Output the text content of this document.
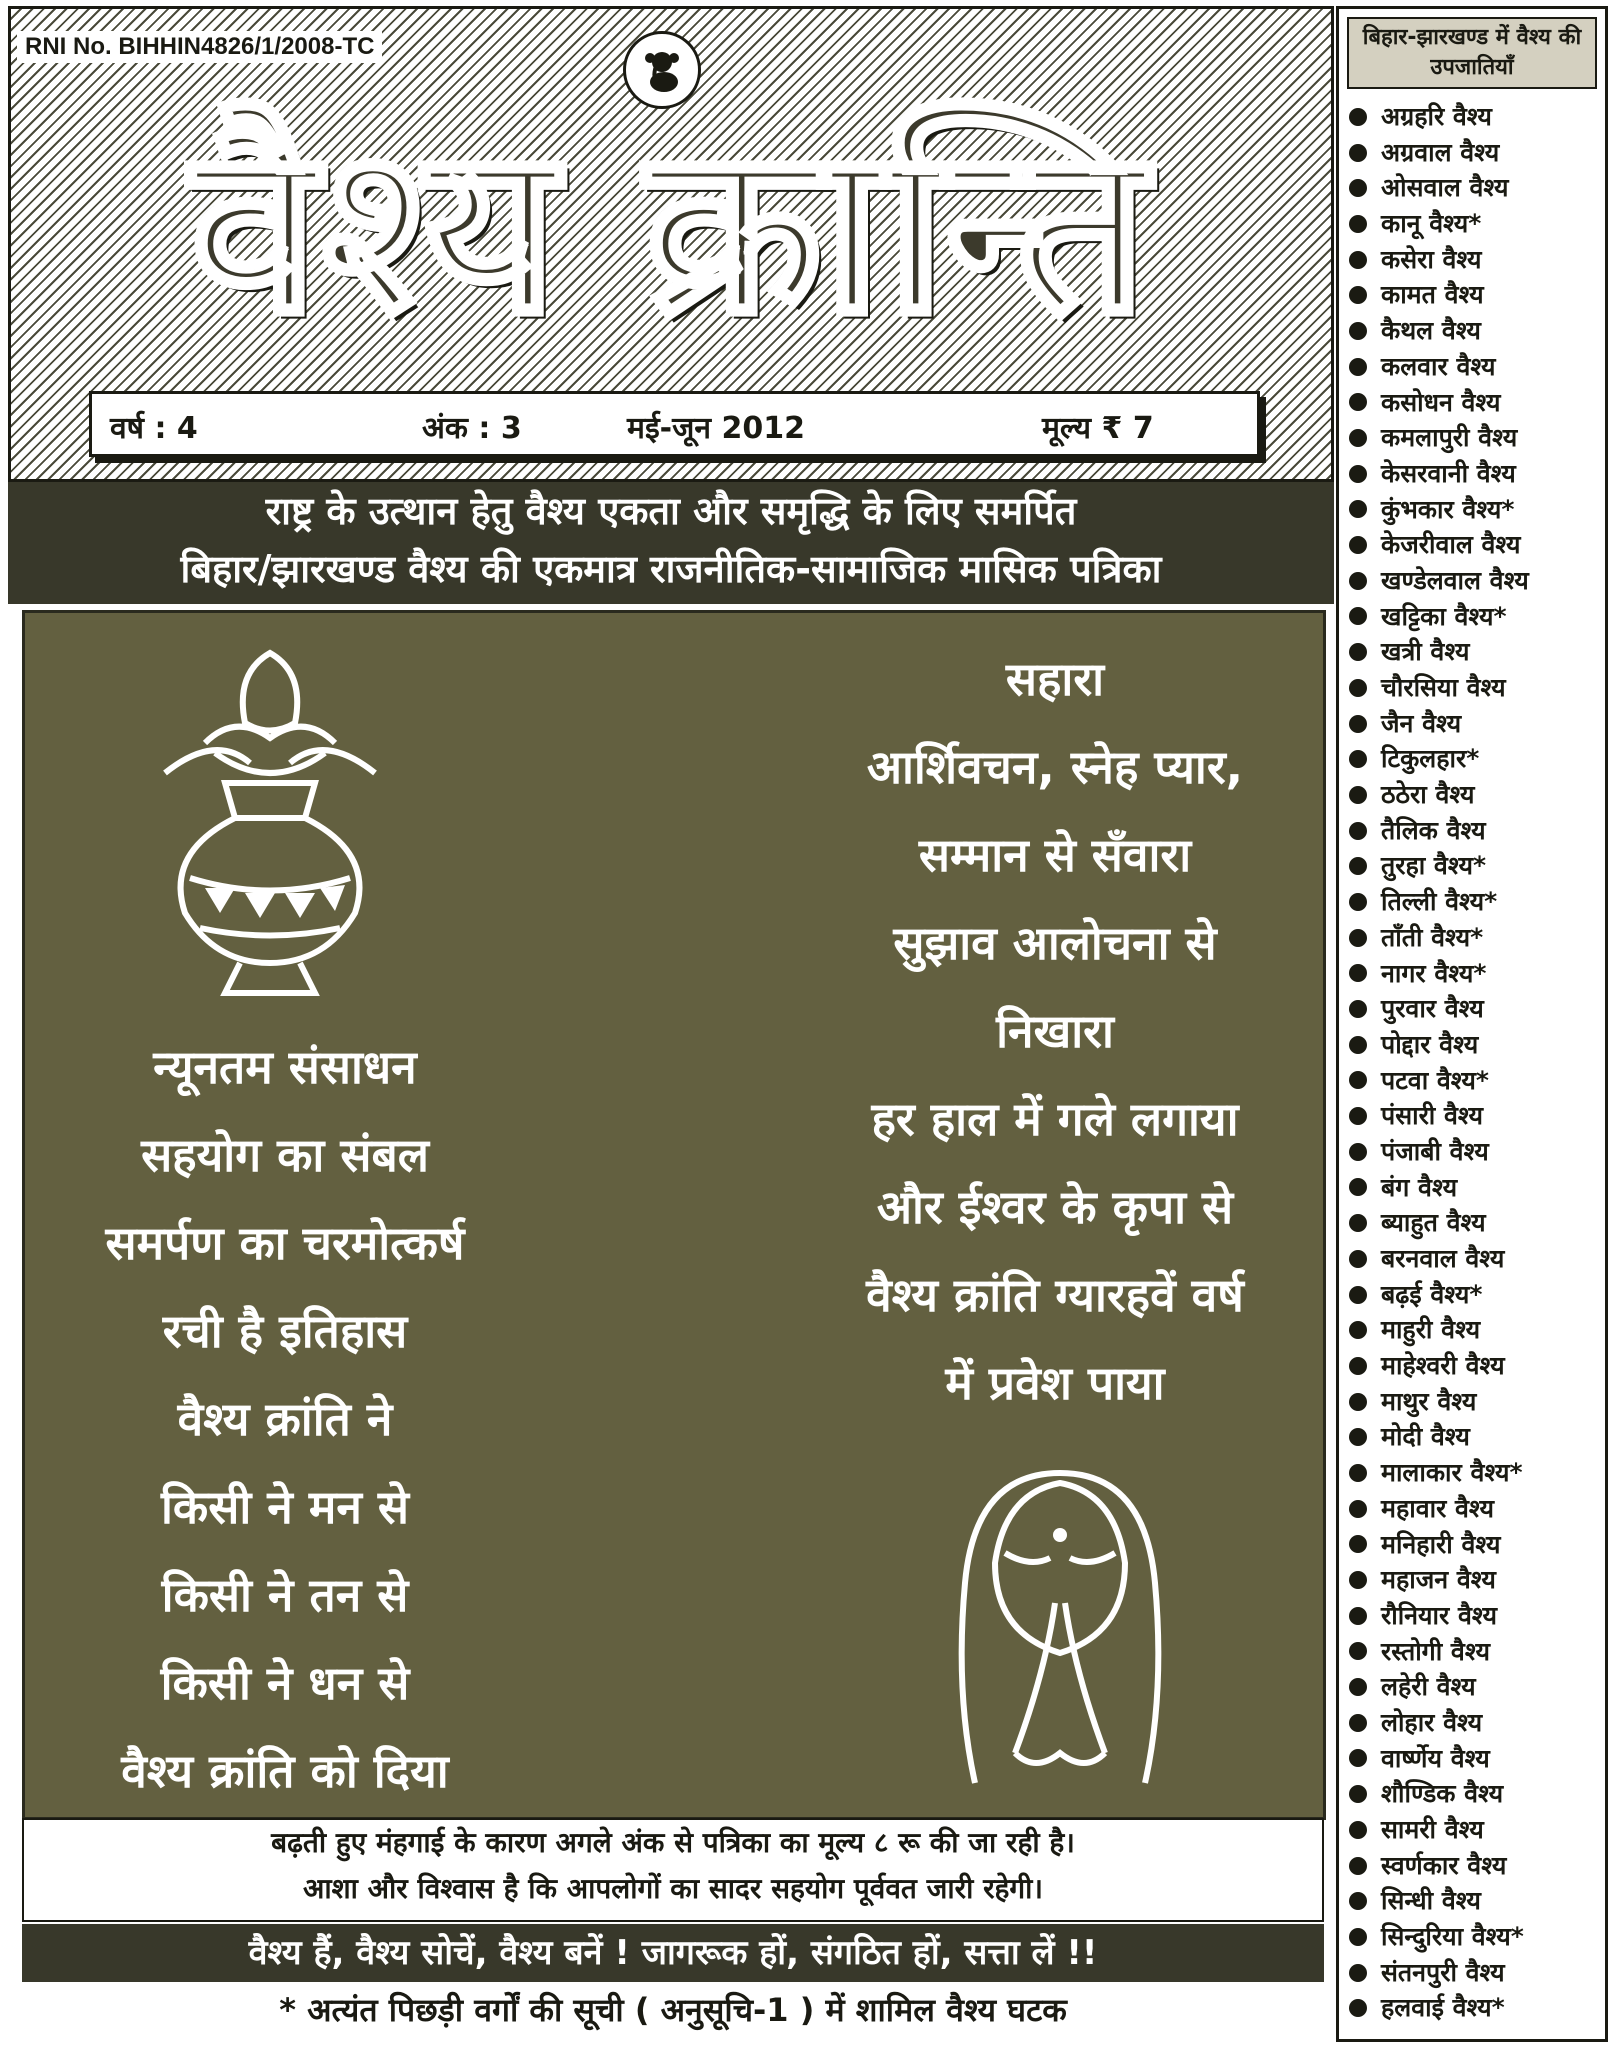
RNI No. BIHHIN4826/1/2008-TC
वैश्य क्रान्ति
वर्ष : 4	अंक : 3	मई-जून 2012	मूल्य ₹ 7
राष्ट्र के उत्थान हेतु वैश्य एकता और समृद्धि के लिए समर्पित
बिहार/झारखण्ड वैश्य की एकमात्र राजनीतिक-सामाजिक मासिक पत्रिका
न्यूनतम संसाधन
सहयोग का संबल
समर्पण का चरमोत्कर्ष
रची है इतिहास
वैश्य क्रांति ने
किसी ने मन से
किसी ने तन से
किसी ने धन से
वैश्य क्रांति को दिया
सहारा
आर्शिवचन, स्नेह प्यार,
सम्मान से सँवारा
सुझाव आलोचना से
निखारा
हर हाल में गले लगाया
और ईश्वर के कृपा से
वैश्य क्रांति ग्यारहवें वर्ष
में प्रवेश पाया
बढ़ती हुए मंहगाई के कारण अगले अंक से पत्रिका का मूल्य ८ रू की जा रही है।
आशा और विश्वास है कि आपलोगों का सादर सहयोग पूर्ववत जारी रहेगी।
वैश्य हैं, वैश्य सोचें, वैश्य बनें ! जागरूक हों, संगठित हों, सत्ता लें !!
* अत्यंत पिछड़ी वर्गों की सूची ( अनुसूचि-1 ) में शामिल वैश्य घटक
बिहार-झारखण्ड में वैश्य की उपजातियाँ
अग्रहरि वैश्य
अग्रवाल वैश्य
ओसवाल वैश्य
कानू वैश्य*
कसेरा वैश्य
कामत वैश्य
कैथल वैश्य
कलवार वैश्य
कसोधन वैश्य
कमलापुरी वैश्य
केसरवानी वैश्य
कुंभकार वैश्य*
केजरीवाल वैश्य
खण्डेलवाल वैश्य
खट्टिका वैश्य*
खत्री वैश्य
चौरसिया वैश्य
जैन वैश्य
टिकुलहार*
ठठेरा वैश्य
तैलिक वैश्य
तुरहा वैश्य*
तिल्ली वैश्य*
ताँती वैश्य*
नागर वैश्य*
पुरवार वैश्य
पोद्दार वैश्य
पटवा वैश्य*
पंसारी वैश्य
पंजाबी वैश्य
बंग वैश्य
ब्याहुत वैश्य
बरनवाल वैश्य
बढ़ई वैश्य*
माहुरी वैश्य
माहेश्वरी वैश्य
माथुर वैश्य
मोदी वैश्य
मालाकार वैश्य*
महावार वैश्य
मनिहारी वैश्य
महाजन वैश्य
रौनियार वैश्य
रस्तोगी वैश्य
लहेरी वैश्य
लोहार वैश्य
वार्ष्णेय वैश्य
शौण्डिक वैश्य
सामरी वैश्य
स्वर्णकार वैश्य
सिन्धी वैश्य
सिन्दुरिया वैश्य*
संतनपुरी वैश्य
हलवाई वैश्य*
